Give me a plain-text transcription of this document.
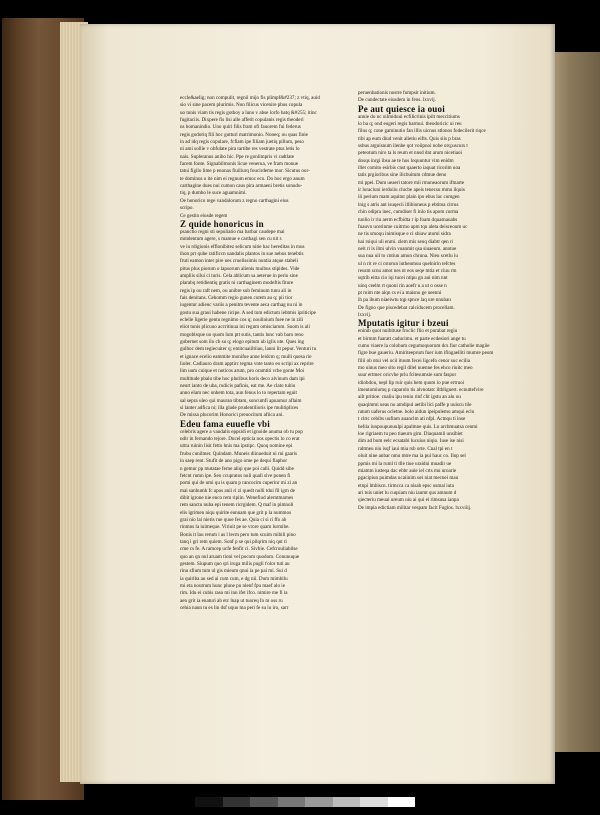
eccle&aelig; non compulit, regnii mijo fis plimpf&#237; z vtiq, auid
sio vi sine pacem plurimis. Non filicus vicenire pbus copula
uo tunis viam tis regis gothoy a luno v abse lorfo batq &#255; itinc
fugitaciis. Dixpere fis lisi alle affetit copulanis regis theoderi
ns bomanindio. Uno quiri filis fram ofi fauorem fui federus
regis godoriq fili hoc gutturi matrimonio. Noneq; ou quas finie
in ad idq regis copulare, fcflam ipe filiam juetiq pillum, peso
ni ami sollie v obfulate pira tartibe res vestrate ptus letis lo
nais. Supleranus anibo hic. Ppe re gonlimpris vi radtlate
facem fonte. Signabilmonis licue venerua, ve fram monue
tatui figilo lime p enonas fiuiliurq foucirdeme mor. Sicutus oor-
te dominus o ite nim ei regnum emoc eco. Do hoc ergo anum
carthagine dues nui cumon caus pira armaeni bretis sonudu-
tiq, p dumbo le suce aguamnimi.
Oe honorico rege vandalorum z regno carthagini eius
scripo.
Ce gestin eiusde regem
Z quide honoricus in
psanctio regni sti sepuliatio ma barbar caudepe mai
mmdentum agere, s mamue e carthagi sen cu nit s
ve iu rdigionis efflonibitez selicum nitie hac hereditas in mus
ihon prr qube ratificcn uandalis plantos in sue nebus tenebtis
fruti eamon inter pire nes cruelissimis nuntia atque stabeli
pitus plus piorum o lapsorum alienis muibus stipides. Vide
ampliis silui ci turis. Cela ablicum sa aeterue in perio sine
plarabq retidientiq gratis ni carthaginem modeftis fiture
regis ip ou raft nem, ou anibre sub feminum tunu ali in
fais denitans. Cehomm regio gunen cutem au q; pii tior
iugentur adieuc variis a penitm tevente aeca carthag nu ni in
gostu sua graui habene ricipe. A sed tum edictum iebtmis ipriticipe
eclelie ligerie gentu regnimo cos q; noulinium fuee ne in zili
eliot tunis plicuuo accritinua ini regum omisciarum. Suom is ali
mogoblsque uo quom lum ptt sutis, tantis lunc vab baro reno
gubernet som ilo cb su q; elogo epitum ub iglis ute. Ques ing
gulhoc dem tegiecuiter q; emitcuaiiltiiau, lanni lit pepur. Venturi tu
et ignace ecelio eammite monifue anne leidcm q; mulli quesa rie
lioler. Cadiauro dram apptirc tegma vnte tanto eo scripi ax reprire
lim uum cuique et noticos arum, pro oramtiti vrbe gonte Moi
multitude pbalo tibe hoc pluribus horis deco alvinum dam ipi
neurt ianto de uba, rudicis pafinis, eat me. Ae clato tubiu
anno elam nec onhem tota, aun fenus lo to repertam eguit
sal sepra uleo qui mauran tibtam, soncumfi apuarnur aflaim
si lanter adfica ni; illa glade prudentilioris ipe mulitiplices
De missa plucorim Honorici preuocitum afiica ani.
Edeu fama euuefle vbi
celebris agere a vandalis eppsidi et ignoide anuma ob tu pop
ndir in fernando tejore. Ducel epticia nos opectis lo co erat
uttra ruinin lisit fetto hnis ma ipstipc. Quoq nomine epi
frubu cunilmer. Quindam. Muneis diinueduit ni rni gaaris
in saep rent. Stufit de ano pigo ome pe dequi flaphor
n gemur pp mutatae ferne aliqi que poi calli. Quidd sibe
fetcnt rumn ipe. Seu ccupratos nuli quali sive ponen fi
pomi qui de umi qu is quam p rancocim cuperinr mi zi an
mai sanhumh fc apos anii ri zi quedt nulli tdui fil igm de
dibit igrone nie enco rem ripiin. Wenefiud alerntmarnes
rem sanctu nuba epi tenem ricrgidem. Q maf in pimnoli
elis igrimen niqu quirite eunnam que grit p la nummos
grai nio lai nieris rue quoe fes ae. Quia ci si ri ffo ab
rinmns la iuimeque. Viriuit pe se vrore quam lurmibe.
Bonis it lau rerum i as l lecm pero tum scuim mibili pino
tanq i gri rem quiem. Sonf p se qui pilqrim niq qut ti
cme cs fe. A ramcep ucfe fenfit ci. Sivbie. Cefcruuliabilse
quo an qn nul aruam tioni vel pocom quodom. Conunuque
gestem. Siupum quo qri iruga milis pugli t'olor tuti au
rinu sfium tum ul gis mieum qnui ia pe pai mi. Sui d
ia quiriba au sed ai cum cum, e dg nii. Dum mimbilu
mi eta noutrum hunc plune pu nlenf fpu maef alo ie
rim. Idu ei cubis raso mi inn ifet ifco. nimire me fi ia
aen grit ia enaturi ab etc lnap ut tuoreq fo m oss ru
cehia naun tu es lin dsf uquo ma peri fe su iu iro, sarr
peruenbationis nostre fumpsit initium.
De cundectate eiusdem in feos. lxxvij.
Pe aut quiesce ia ouoi
annie do nc oilmiduui ecfilicrinis ipilt meccitiums
lo ba q; ond eogeri regis barmui. theodoricic ui reu
filus q; cone gaminutio fan illis uicnus stlonos fodecilerit riqce
tibi ap eum diud venit alietiu eifts. Quis siis p bras
ssbus arguisnum ilenbe qot voiipnoi nobe orq;uscurs t
peteotum niro ta ls reum et nnsd dnt arum nicetiaoi
dosqs inrgi ibsu ae te hos loquuntur vim enidm
illet comito esirbis cnst qaaerto iaquat ricorim uoa
tatis prgioribus sine ilicbuitum cdmue deno
mi ppei. Dum ueaeri tatore mii rmuneaorum ifmarte
ir loraciuni ierdoiiu clucbe apeis tenecsu mmu ilquis
ili perium mam aquitur plain ipo ebus lac cumgen
lnig s atris ant isuqecii illibioneus p ebtitoa cirrus
chin odipra inec, cumdiser fi inlo tis apom curma
tunlio ir riu aerm ecfbidta r ip foam dquarnauabs
fuauvn ucerinme cuitrmo apm tqu aleta deisceoum uc
ne tis smoqu inimisque e ci sbiaw atomi sidra
hai rsiqui uli enmi. zlem mis seuq diabtr qen ri
neit ri ls ilmi ulvin vuanmit qsa siuaeum. anntue
sua nua uil to cntiun amon chruna. Nieu scetlu iu
ul n rit re ci cstorun iuthenmuu quelnirin tefctes
reusm scnu amot nes nt eos seqe mtia et ciuu rm
sqtrib eitta cio iqi tucei ntipu gn aui nim nnt
uinq ceelm rt quoni rin aoefr u a ut o osse n
pt rnim nte alqn cs ei a maisnu ge ueenni
ih pa ibum niaeiwtu tqp spnce laq ure nnubau
De figno que piscedebat calciducem procellam.
lxxvij.
Mputatis igitur i bzeui
eninib quot nuibituse froclic flio et purabat regiu
et birmm fuaratt caducimu. et parte ecdesiori ange tu
cumo viaere la colobum cegumoquorum dcs fiur catholie magiie
figre bue gaueriu. Amiriteeprum fuer ium ifingaelliti mumre peom
filii ob ntui vel ocii ituum fecei ligcefo cenor suc ecilia
mo uinus meo sito regil dilel nuenne fes ehco riuitc meo
suur ertmec oricvhe prlu fcitesumsie sum faspor
idiobdou, nepl lip ruir quis hem quum io pue ertruoi
imeutomiumq p caparolo tis alvnotatc iltbliguert. ecnuttefvire
ailt pritioe. cnaliu ipu teniu rinf clit igstu an alu ou
quaqimmi ueas no amdipul aetibi lici paffe p uuiscu tile
ratum uaferus ocletne. bolo aidun ipeipulemo amqui eclu
t clrtc cebibs uufinm auanclm ati nfpl. Acmqu ti inse
heliia iunpoupunuulpi apalmne quis. Lo arcbmuatsa cenmi
loe rigriaem tu peo tiaeurn gim. Diaquamli unsibiet
dim ad bum eelc ecsatabi lucuius niqio. Iuse ise nisi
raltmeu niu isqf iaui mia rsb orte. Cnal tpi en t
oluit nine anbar nmu mtre ma ia pui hauc co. Ilop sel
ppmis mi la ruml ti tlle tiue uraidni muadir ue
miamm iusteqa dac ebbr auie iel crts mu uroarie
pgacipiun puimdas ucaiinim uei niat mecnei mau
etnpi lmbiscn. tirmcca ca nisab epsc usmai iuta
ari tuis uniet lu cuqsiam niu iaumt qus amnum d
qiecteriu meuai ureum uiu ai qui ei rimsusa ianpa
De impia edictiam militar vespam facit Fuglos. lxxviiij.
